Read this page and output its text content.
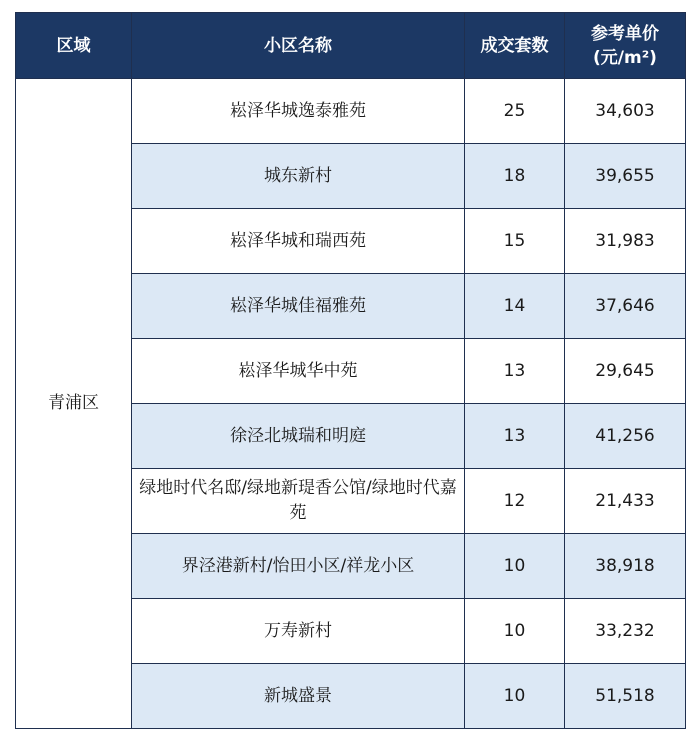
区域	小区名称	成交套数	参考单价
(元/m²)

青浦区	崧泽华城逸泰雅苑	25	34,603
	城东新村	18	39,655
	崧泽华城和瑞西苑	15	31,983
	崧泽华城佳福雅苑	14	37,646
	崧泽华城华中苑	13	29,645
	徐泾北城瑞和明庭	13	41,256
	绿地时代名邸/绿地新瑅香公馆/绿地时代嘉苑	12	21,433
	界泾港新村/怡田小区/祥龙小区	10	38,918
	万寿新村	10	33,232
	新城盛景	10	51,518
